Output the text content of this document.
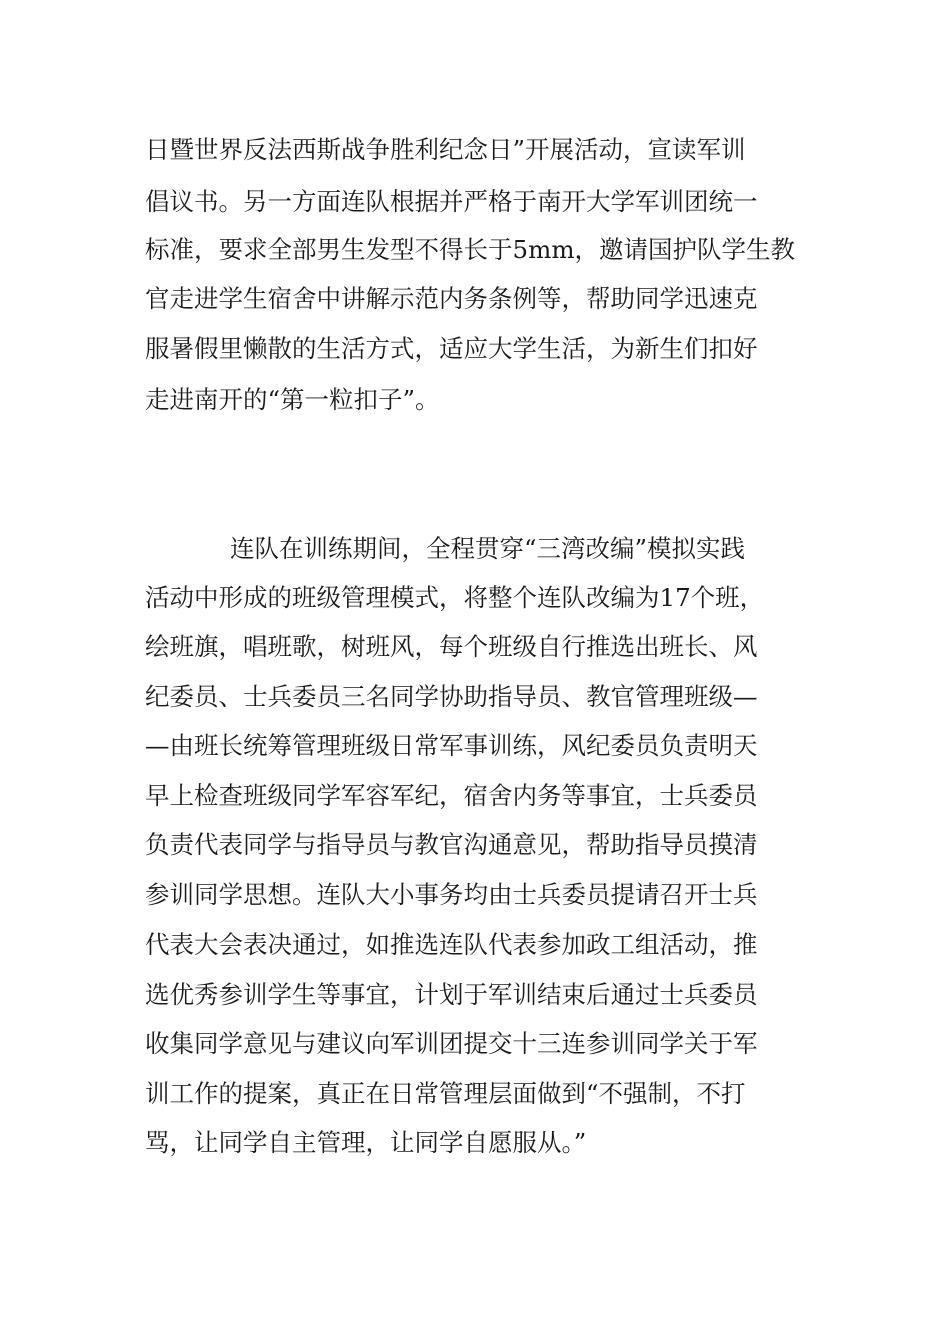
日暨世界反法西斯战争胜利纪念日”开展活动，宣读军训
倡议书。另一方面连队根据并严格于南开大学军训团统一
标准，要求全部男生发型不得长于5mm，邀请国护队学生教
官走进学生宿舍中讲解示范内务条例等，帮助同学迅速克
服暑假里懒散的生活方式，适应大学生活，为新生们扣好
走进南开的“第一粒扣子”。
连队在训练期间，全程贯穿“三湾改编”模拟实践
活动中形成的班级管理模式，将整个连队改编为17个班，
绘班旗，唱班歌，树班风，每个班级自行推选出班长、风
纪委员、士兵委员三名同学协助指导员、教官管理班级—
—由班长统筹管理班级日常军事训练，风纪委员负责明天
早上检查班级同学军容军纪，宿舍内务等事宜，士兵委员
负责代表同学与指导员与教官沟通意见，帮助指导员摸清
参训同学思想。连队大小事务均由士兵委员提请召开士兵
代表大会表决通过，如推选连队代表参加政工组活动，推
选优秀参训学生等事宜，计划于军训结束后通过士兵委员
收集同学意见与建议向军训团提交十三连参训同学关于军
训工作的提案，真正在日常管理层面做到“不强制，不打
骂，让同学自主管理，让同学自愿服从。”
